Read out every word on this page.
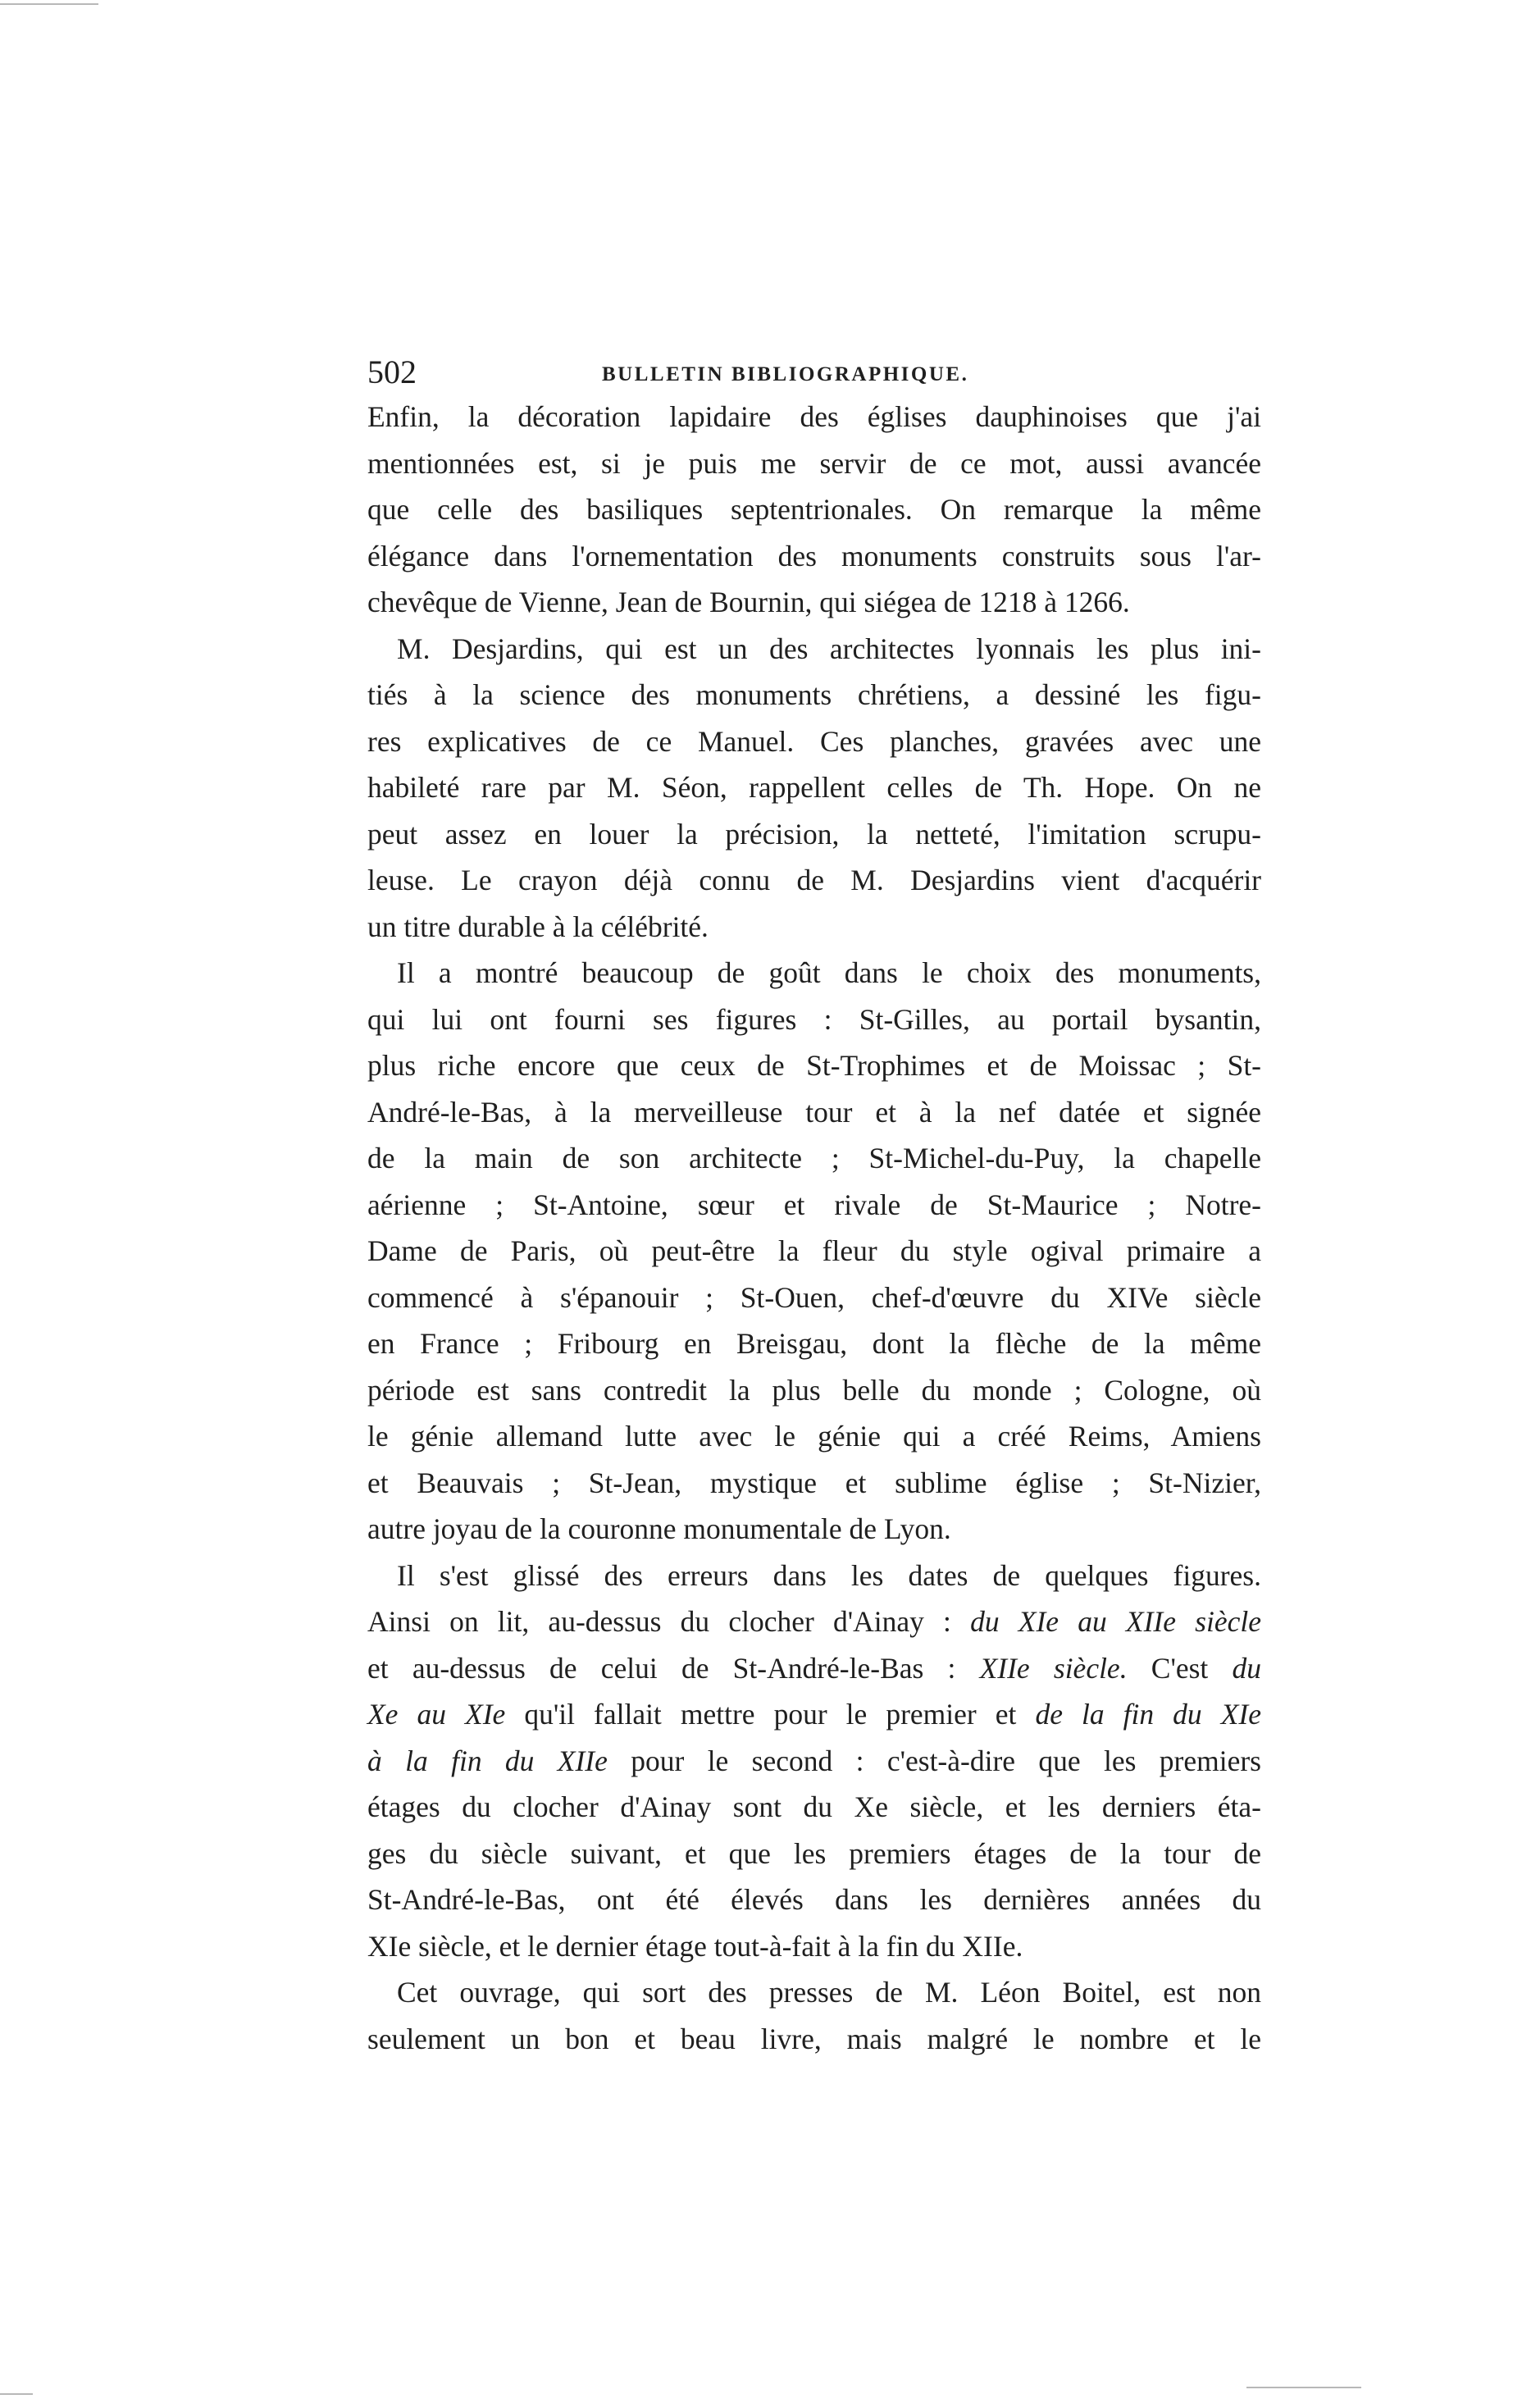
502	BULLETIN BIBLIOGRAPHIQUE.
Enfin, la décoration lapidaire des églises dauphinoises que j'ai
mentionnées est, si je puis me servir de ce mot, aussi avancée
que celle des basiliques septentrionales. On remarque la même
élégance dans l'ornementation des monuments construits sous l'ar-
chevêque de Vienne, Jean de Bournin, qui siégea de 1218 à 1266.
M. Desjardins, qui est un des architectes lyonnais les plus ini-
tiés à la science des monuments chrétiens, a dessiné les figu-
res explicatives de ce Manuel. Ces planches, gravées avec une
habileté rare par M. Séon, rappellent celles de Th. Hope. On ne
peut assez en louer la précision, la netteté, l'imitation scrupu-
leuse. Le crayon déjà connu de M. Desjardins vient d'acquérir
un titre durable à la célébrité.
Il a montré beaucoup de goût dans le choix des monuments,
qui lui ont fourni ses figures : St-Gilles, au portail bysantin,
plus riche encore que ceux de St-Trophimes et de Moissac ; St-
André-le-Bas, à la merveilleuse tour et à la nef datée et signée
de la main de son architecte ; St-Michel-du-Puy, la chapelle
aérienne ; St-Antoine, sœur et rivale de St-Maurice ; Notre-
Dame de Paris, où peut-être la fleur du style ogival primaire a
commencé à s'épanouir ; St-Ouen, chef-d'œuvre du XIVe siècle
en France ; Fribourg en Breisgau, dont la flèche de la même
période est sans contredit la plus belle du monde ; Cologne, où
le génie allemand lutte avec le génie qui a créé Reims, Amiens
et Beauvais ; St-Jean, mystique et sublime église ; St-Nizier,
autre joyau de la couronne monumentale de Lyon.
Il s'est glissé des erreurs dans les dates de quelques figures.
Ainsi on lit, au-dessus du clocher d'Ainay : du XIe au XIIe siècle
et au-dessus de celui de St-André-le-Bas : XIIe siècle. C'est du
Xe au XIe qu'il fallait mettre pour le premier et de la fin du XIe
à la fin du XIIe pour le second : c'est-à-dire que les premiers
étages du clocher d'Ainay sont du Xe siècle, et les derniers éta-
ges du siècle suivant, et que les premiers étages de la tour de
St-André-le-Bas, ont été élevés dans les dernières années du
XIe siècle, et le dernier étage tout-à-fait à la fin du XIIe.
Cet ouvrage, qui sort des presses de M. Léon Boitel, est non
seulement un bon et beau livre, mais malgré le nombre et le
